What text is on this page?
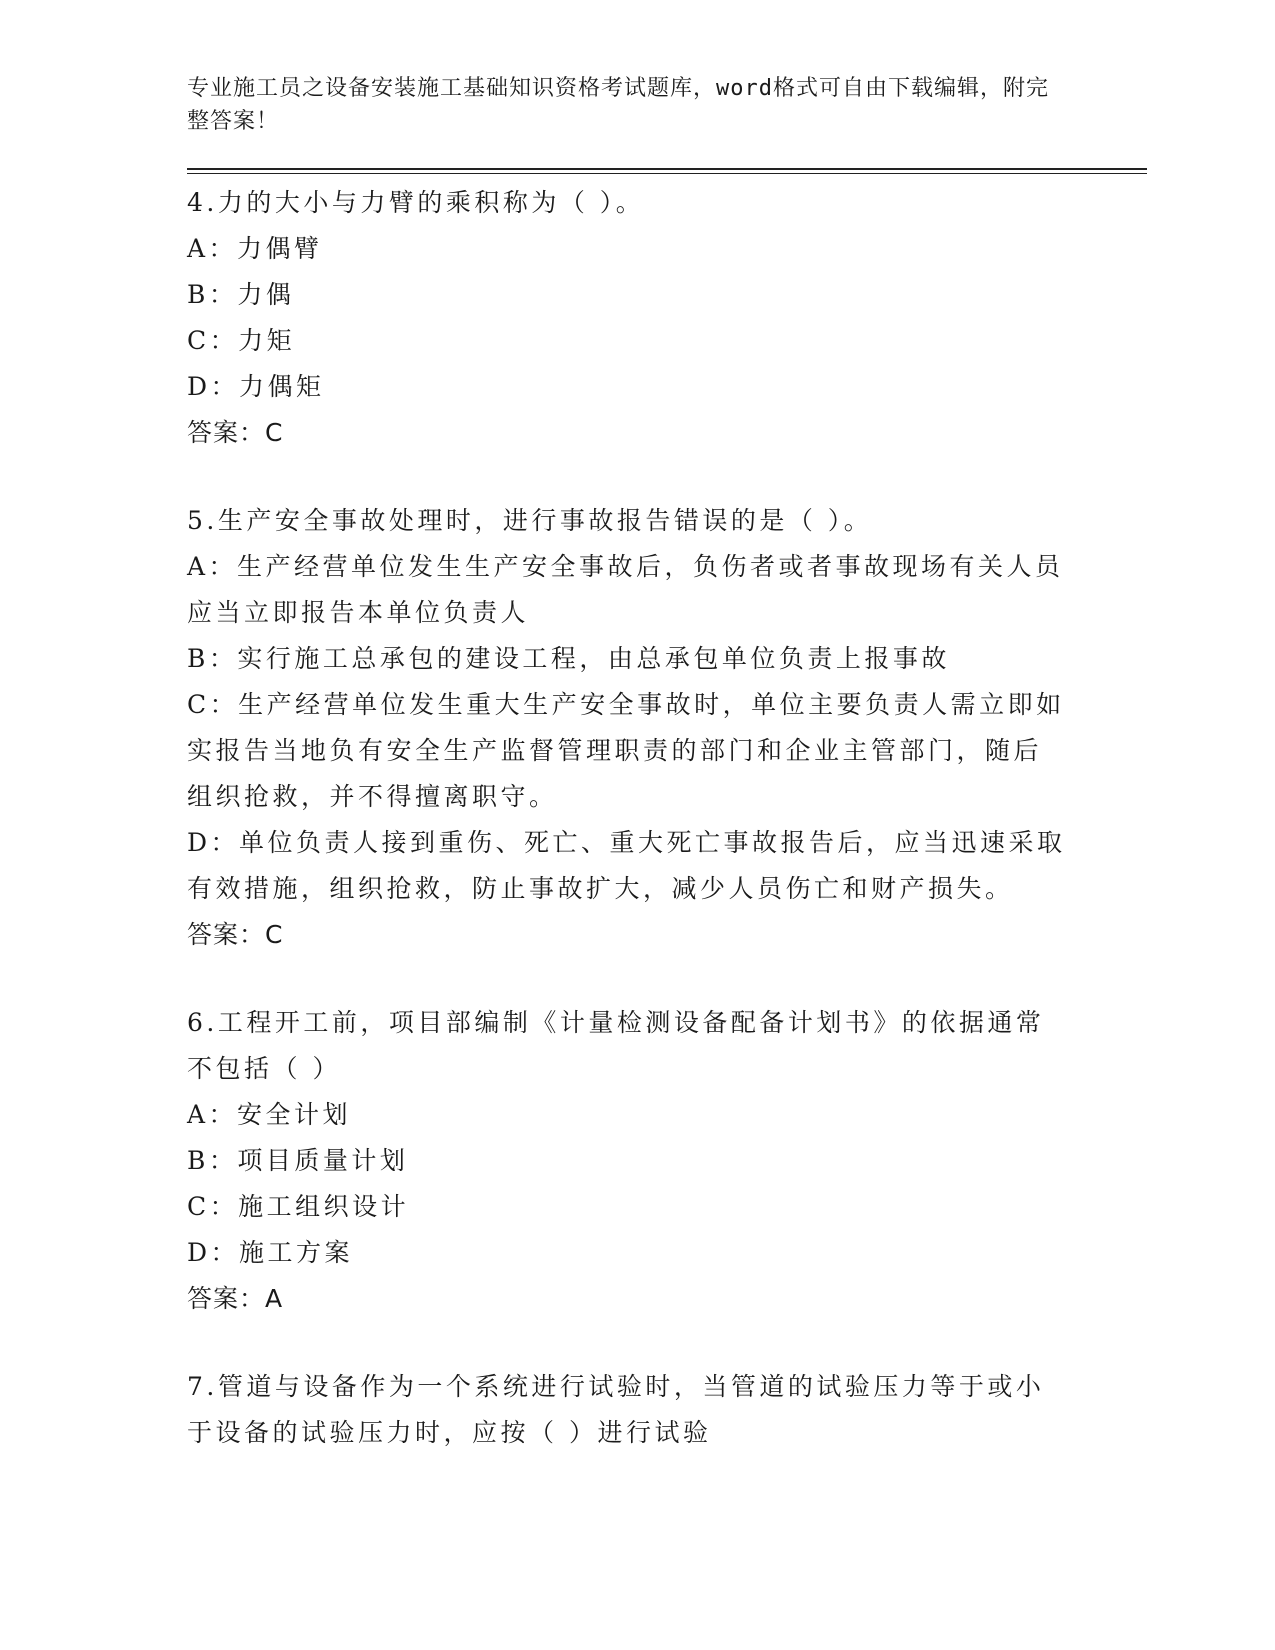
专业施工员之设备安装施工基础知识资格考试题库，word格式可自由下载编辑，附完整答案！
4.力的大小与力臂的乘积称为（ ）。
A：力偶臂
B：力偶
C：力矩
D：力偶矩
答案：C
5.生产安全事故处理时，进行事故报告错误的是（ ）。
A：生产经营单位发生生产安全事故后，负伤者或者事故现场有关人员应当立即报告本单位负责人
B：实行施工总承包的建设工程，由总承包单位负责上报事故
C：生产经营单位发生重大生产安全事故时，单位主要负责人需立即如实报告当地负有安全生产监督管理职责的部门和企业主管部门，随后组织抢救，并不得擅离职守。
D：单位负责人接到重伤、死亡、重大死亡事故报告后，应当迅速采取有效措施，组织抢救，防止事故扩大，减少人员伤亡和财产损失。
答案：C
6.工程开工前，项目部编制《计量检测设备配备计划书》的依据通常不包括（ ）
A：安全计划
B：项目质量计划
C：施工组织设计
D：施工方案
答案：A
7.管道与设备作为一个系统进行试验时，当管道的试验压力等于或小于设备的试验压力时，应按（ ）进行试验
